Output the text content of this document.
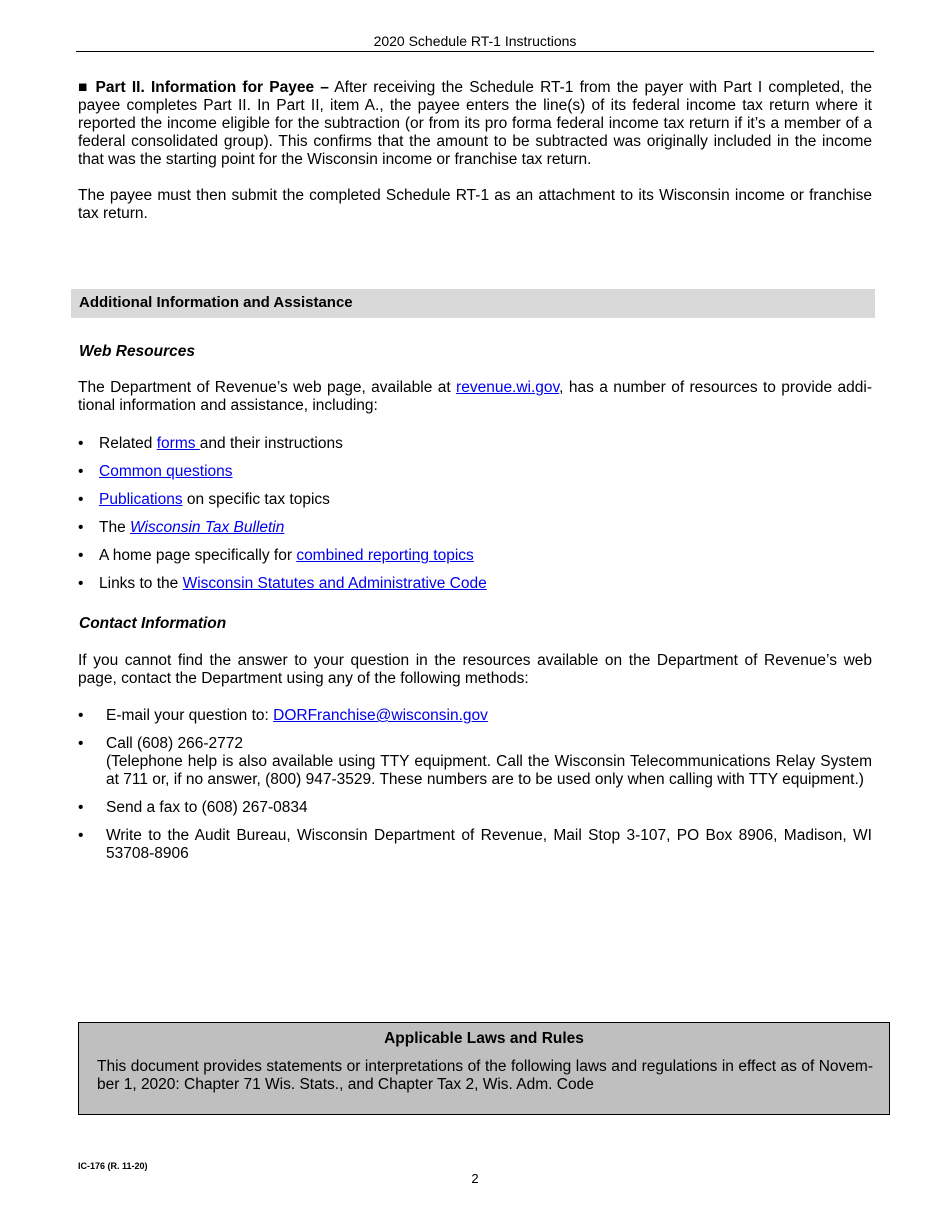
2020 Schedule RT-1 Instructions

■ Part II. Information for Payee – After receiving the Schedule RT-1 from the payer with Part I completed, the payee completes Part II. In Part II, item A., the payee enters the line(s) of its federal income tax return where it reported the income eligible for the subtraction (or from its pro forma federal income tax return if it’s a member of a federal consolidated group). This confirms that the amount to be subtracted was originally included in the income that was the starting point for the Wisconsin income or franchise tax return.

The payee must then submit the completed Schedule RT-1 as an attachment to its Wisconsin income or franchise tax return.

Additional Information and Assistance
Web Resources

The Department of Revenue’s web page, available at revenue.wi.gov, has a number of resources to provide additional information and assistance, including:

• Related forms and their instructions
• Common questions
• Publications on specific tax topics
• The Wisconsin Tax Bulletin
• A home page specifically for combined reporting topics
• Links to the Wisconsin Statutes and Administrative Code
Contact Information

If you cannot find the answer to your question in the resources available on the Department of Revenue’s web page, contact the Department using any of the following methods:

• E-mail your question to: DORFranchise@wisconsin.gov
• Call (608) 266-2772
(Telephone help is also available using TTY equipment. Call the Wisconsin Telecommunications Relay System at 711 or, if no answer, (800) 947-3529. These numbers are to be used only when calling with TTY equipment.)
• Send a fax to (608) 267-0834
• Write to the Audit Bureau, Wisconsin Department of Revenue, Mail Stop 3-107, PO Box 8906, Madison, WI 53708-8906
Applicable Laws and Rules

This document provides statements or interpretations of the following laws and regulations in effect as of November 1, 2020: Chapter 71 Wis. Stats., and Chapter Tax 2, Wis. Adm. Code

IC-176 (R. 11-20)
2
